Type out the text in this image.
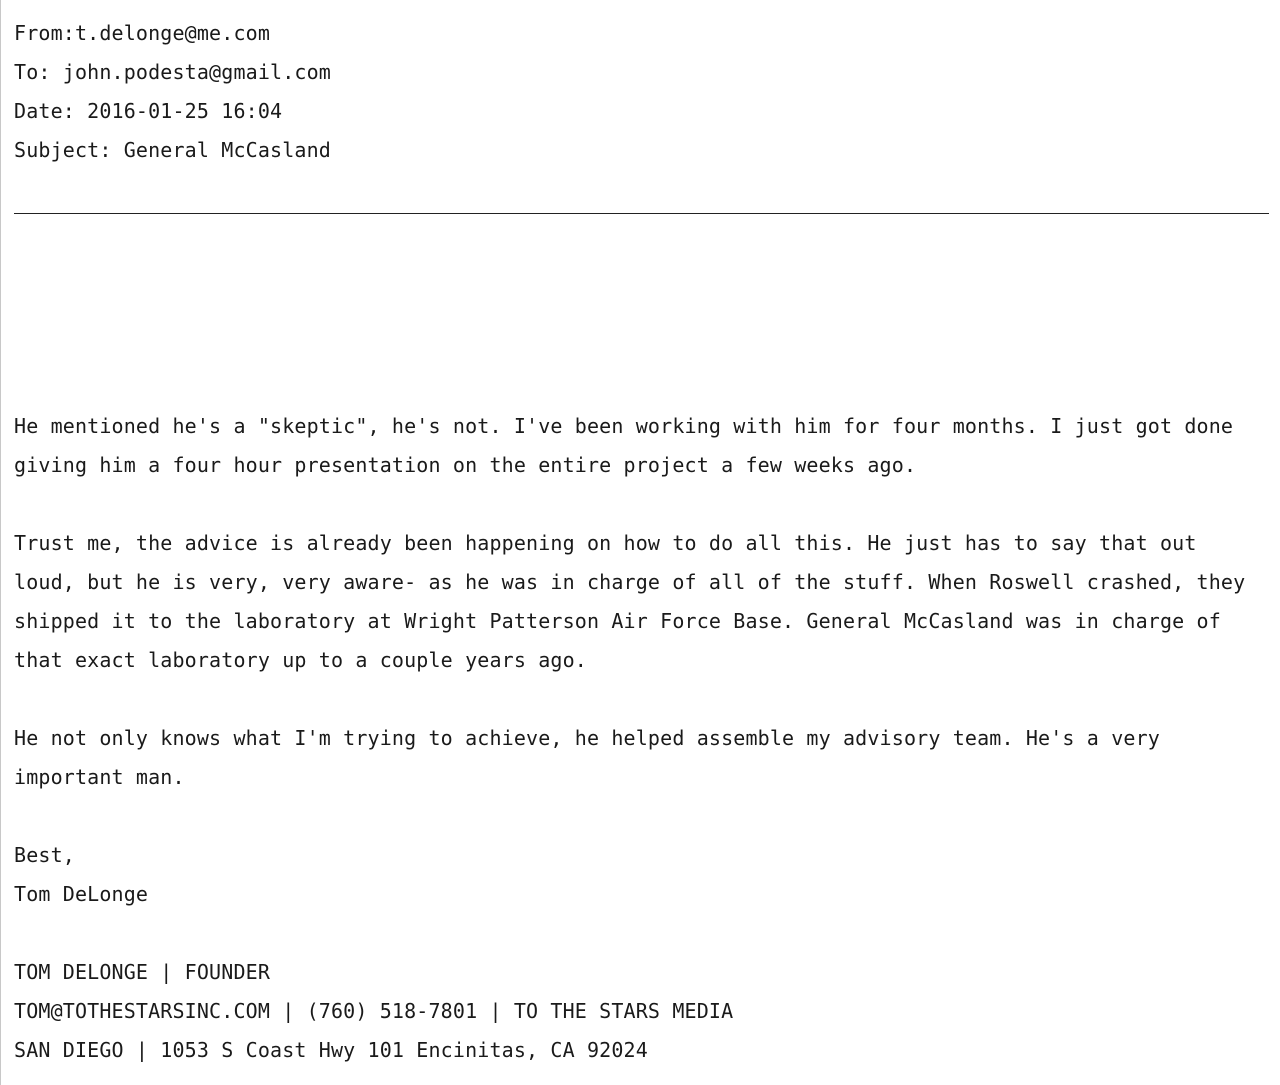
From:t.delonge@me.com
To: john.podesta@gmail.com
Date: 2016-01-25 16:04
Subject: General McCasland
He mentioned he's a "skeptic", he's not. I've been working with him for four months. I just got done
giving him a four hour presentation on the entire project a few weeks ago.
Trust me, the advice is already been happening on how to do all this. He just has to say that out
loud, but he is very, very aware- as he was in charge of all of the stuff. When Roswell crashed, they
shipped it to the laboratory at Wright Patterson Air Force Base. General McCasland was in charge of
that exact laboratory up to a couple years ago.
He not only knows what I'm trying to achieve, he helped assemble my advisory team. He's a very
important man.
Best,
Tom DeLonge
TOM DELONGE | FOUNDER
TOM@TOTHESTARSINC.COM | (760) 518-7801 | TO THE STARS MEDIA
SAN DIEGO | 1053 S Coast Hwy 101 Encinitas, CA 92024
